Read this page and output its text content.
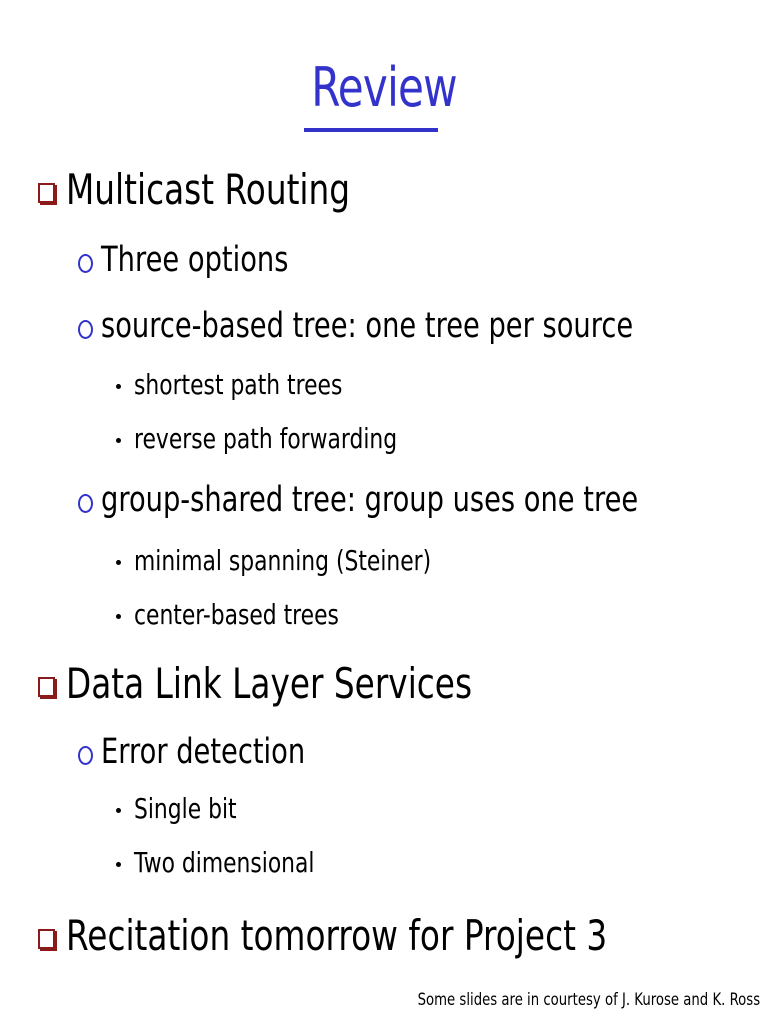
Review
Multicast Routing
Three options
source-based tree: one tree per source
shortest path trees
reverse path forwarding
group-shared tree: group uses one tree
minimal spanning (Steiner)
center-based trees
Data Link Layer Services
Error detection
Single bit
Two dimensional
Recitation tomorrow for Project 3
Some slides are in courtesy of J. Kurose and K. Ross
